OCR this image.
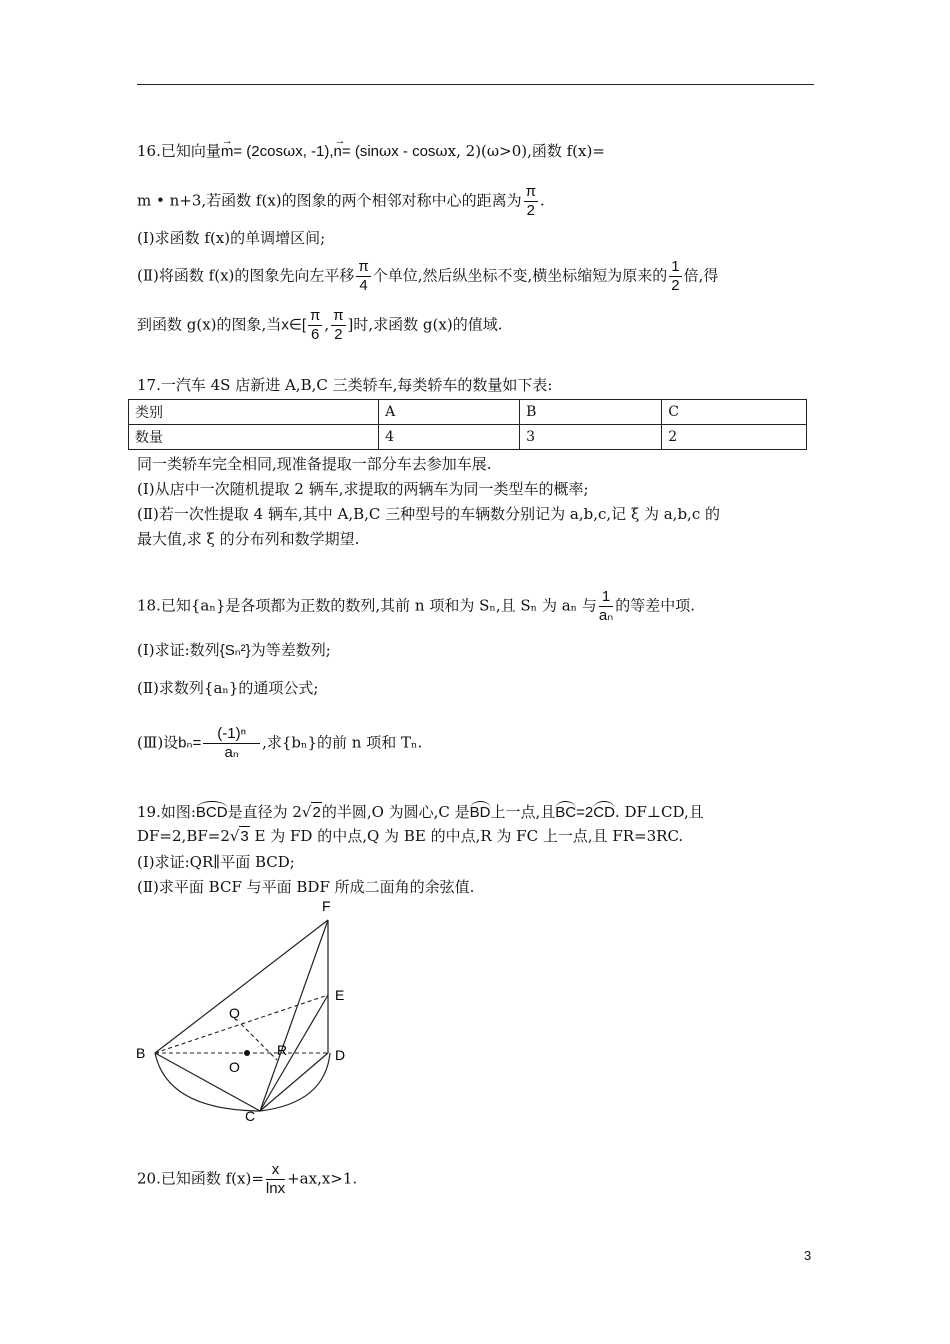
16.已知向量→ m= (2cosωx, -1),→ n= (sinωx - cosωx, 2)(ω>0),函数 f(x)=
m • n+3,若函数 f(x)的图象的两个相邻对称中心的距离为 $\frac{\pi}{2}$ .
(Ⅰ)求函数 f(x)的单调增区间;
(Ⅱ)将函数 f(x)的图象先向左平移 $\frac{\pi}{4}$ 个单位,然后纵坐标不变,横坐标缩短为原来的 $\frac{1}{2}$ 倍,得
到函数 g(x)的图象,当x∈[ $\frac{\pi}{6}$ , $\frac{\pi}{2}$ ]时,求函数 g(x)的值域.
17.一汽车 4S 店新进 A,B,C 三类轿车,每类轿车的数量如下表:
类别	A	B	C
数量	4	3	2
同一类轿车完全相同,现准备提取一部分车去参加车展.
(Ⅰ)从店中一次随机提取 2 辆车,求提取的两辆车为同一类型车的概率;
(Ⅱ)若一次性提取 4 辆车,其中 A,B,C 三种型号的车辆数分别记为 a,b,c,记 ξ 为 a,b,c 的
最大值,求 ξ 的分布列和数学期望.
18.已知{aₙ}是各项都为正数的数列,其前 n 项和为 Sₙ,且 Sₙ 为 aₙ 与 $\frac{1}{\text{aₙ}}$ 的等差中项.
(Ⅰ)求证:数列{Sₙ²}为等差数列;
(Ⅱ)求数列{aₙ}的通项公式;
(Ⅲ)设$b_n= \frac{\text{(-1)ⁿ}}{\text{aₙ}}$ ,求{bₙ}的前 n 项和 Tₙ.
19.如图:BCD是直径为 2√2的半圆,O 为圆心,C 是BD上一点,且BC=2CD. DF⊥CD,且
DF=2,BF=2√3 E 为 FD 的中点,Q 为 BE 的中点,R 为 FC 上一点,且 FR=3RC.
(Ⅰ)求证:QR∥平面 BCD;
(Ⅱ)求平面 BCF 与平面 BDF 所成二面角的余弦值.
F
E
Q
B	R
O
D
C
20.已知函数 $f(x)= \frac{x}{\ln x} +ax,x>1$.
3
